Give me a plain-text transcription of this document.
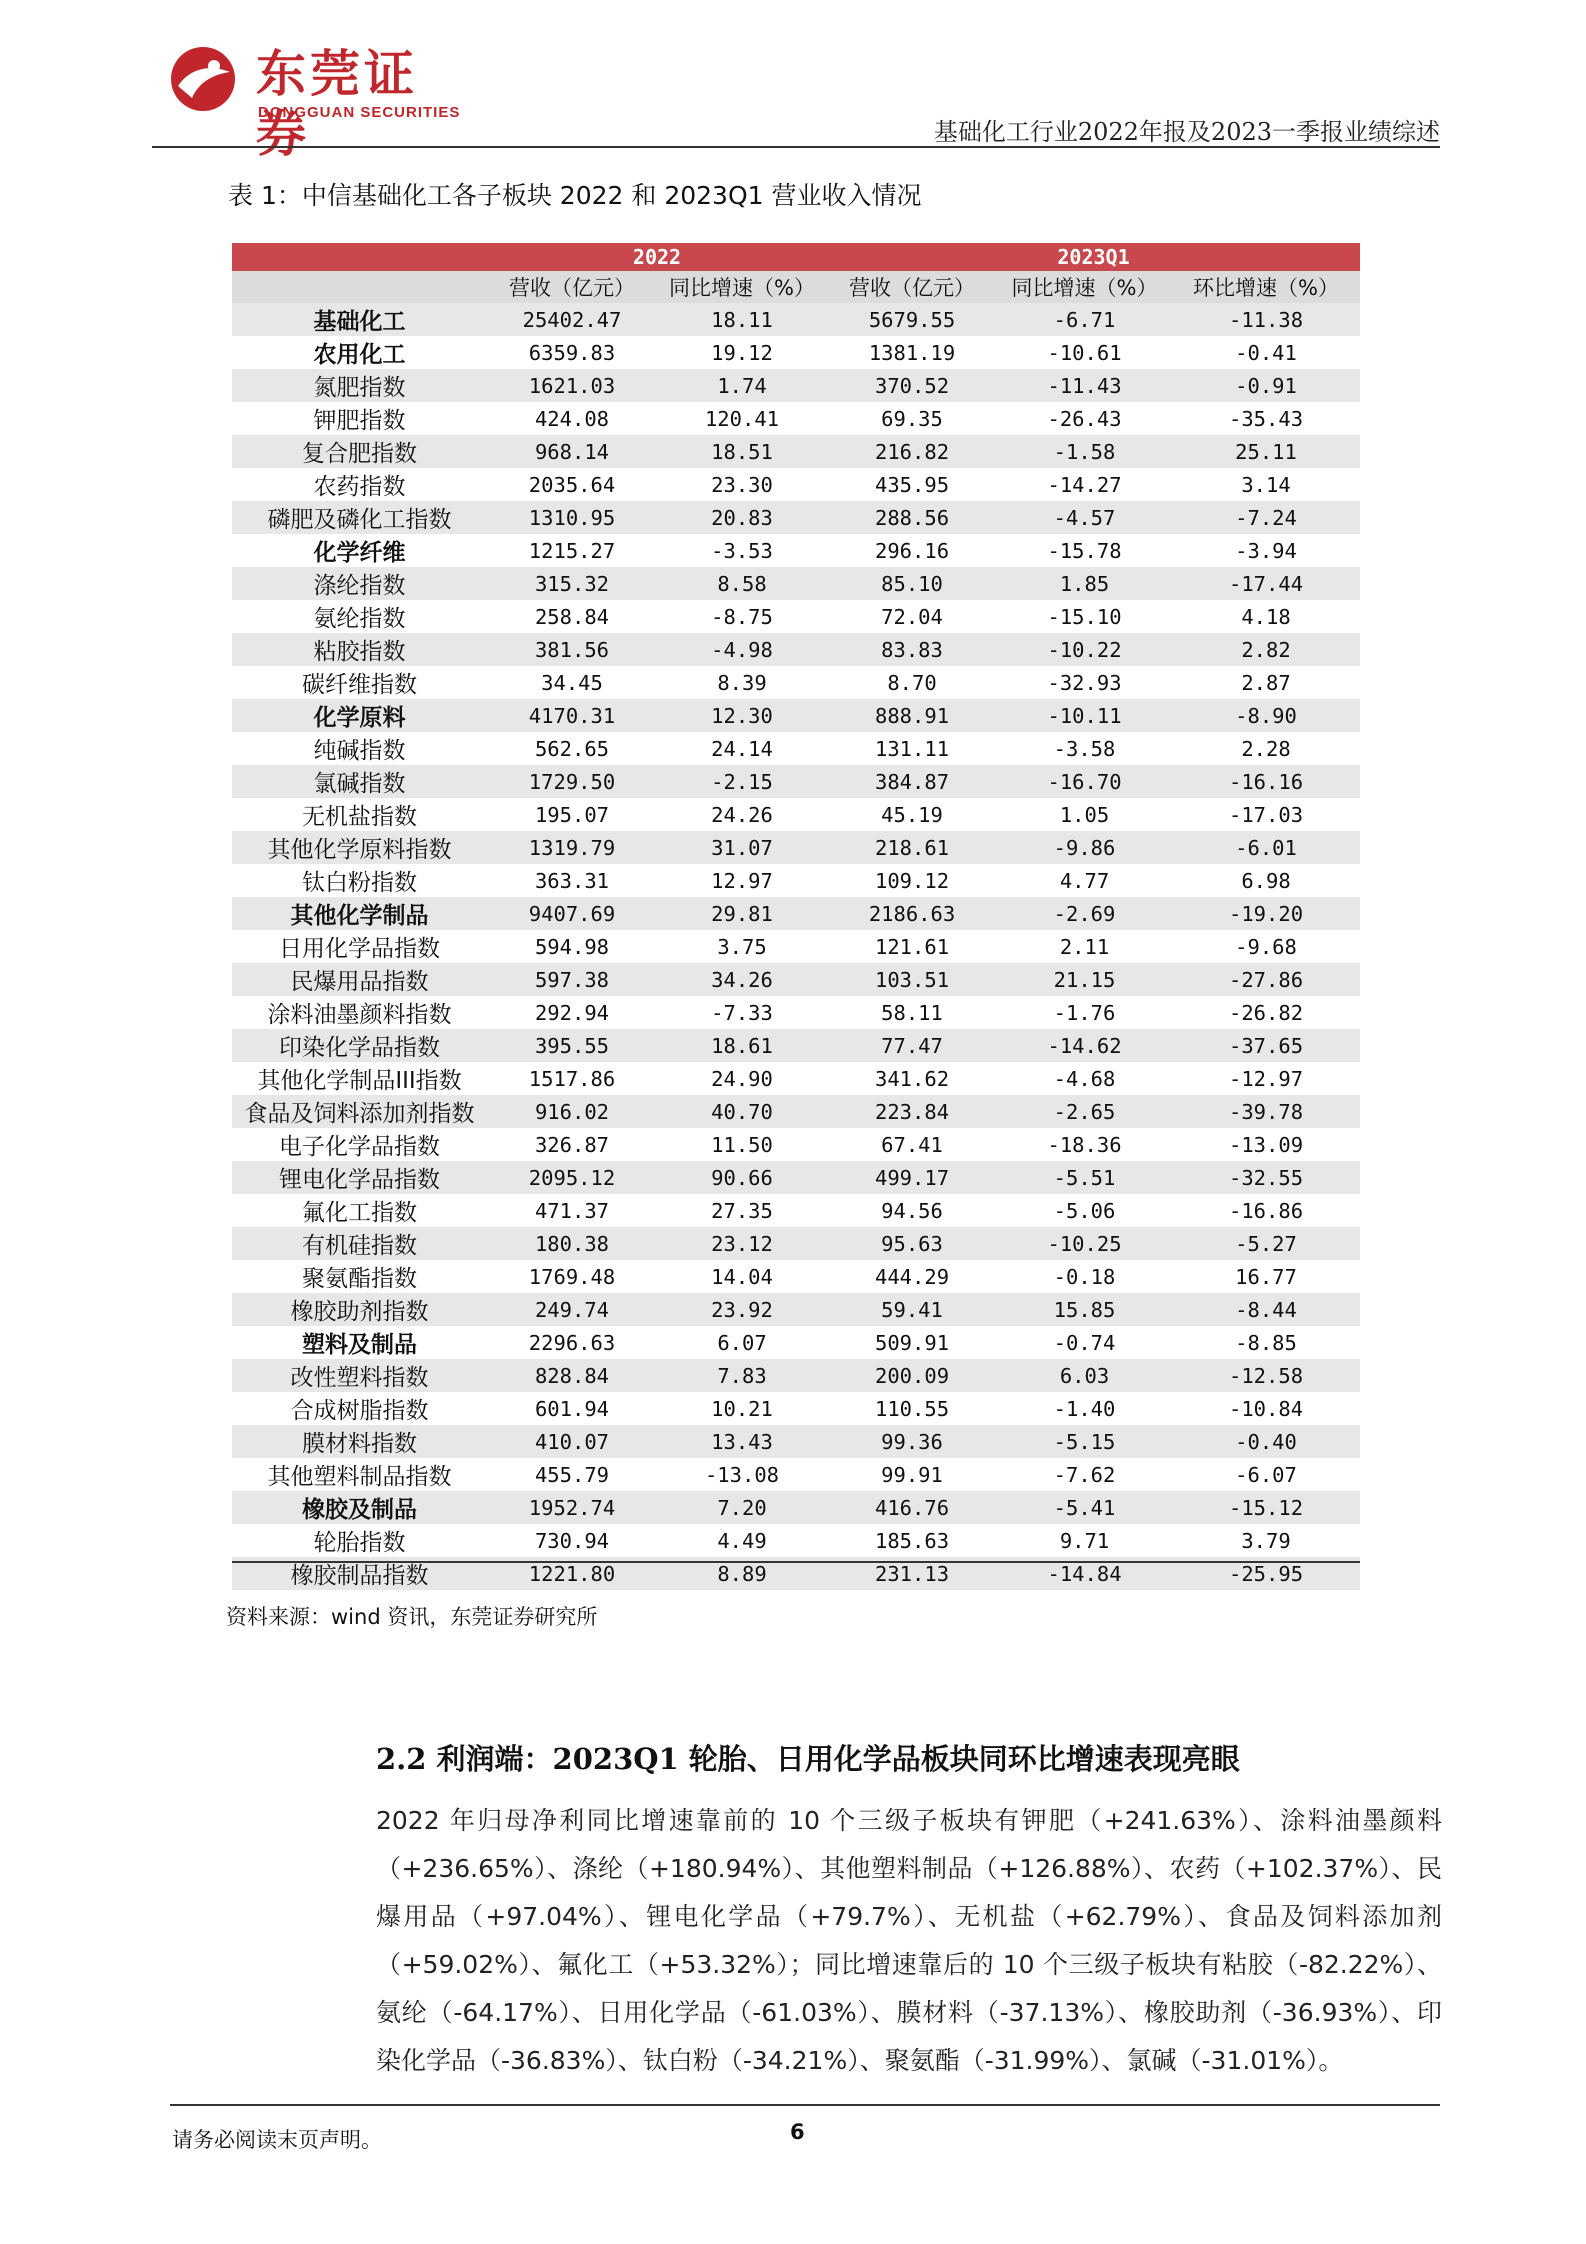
东莞证券
DONGGUAN SECURITIES
基础化工行业2022年报及2023一季报业绩综述
表 1：中信基础化工各子板块 2022 和 2023Q1 营业收入情况
	2022		2023Q1		
	营收（亿元）	同比增速（%）	营收（亿元）	同比增速（%）	环比增速（%）
基础化工	25402.47	18.11	5679.55	-6.71	-11.38
农用化工	6359.83	19.12	1381.19	-10.61	-0.41
氮肥指数	1621.03	1.74	370.52	-11.43	-0.91
钾肥指数	424.08	120.41	69.35	-26.43	-35.43
复合肥指数	968.14	18.51	216.82	-1.58	25.11
农药指数	2035.64	23.30	435.95	-14.27	3.14
磷肥及磷化工指数	1310.95	20.83	288.56	-4.57	-7.24
化学纤维	1215.27	-3.53	296.16	-15.78	-3.94
涤纶指数	315.32	8.58	85.10	1.85	-17.44
氨纶指数	258.84	-8.75	72.04	-15.10	4.18
粘胶指数	381.56	-4.98	83.83	-10.22	2.82
碳纤维指数	34.45	8.39	8.70	-32.93	2.87
化学原料	4170.31	12.30	888.91	-10.11	-8.90
纯碱指数	562.65	24.14	131.11	-3.58	2.28
氯碱指数	1729.50	-2.15	384.87	-16.70	-16.16
无机盐指数	195.07	24.26	45.19	1.05	-17.03
其他化学原料指数	1319.79	31.07	218.61	-9.86	-6.01
钛白粉指数	363.31	12.97	109.12	4.77	6.98
其他化学制品	9407.69	29.81	2186.63	-2.69	-19.20
日用化学品指数	594.98	3.75	121.61	2.11	-9.68
民爆用品指数	597.38	34.26	103.51	21.15	-27.86
涂料油墨颜料指数	292.94	-7.33	58.11	-1.76	-26.82
印染化学品指数	395.55	18.61	77.47	-14.62	-37.65
其他化学制品III指数	1517.86	24.90	341.62	-4.68	-12.97
食品及饲料添加剂指数	916.02	40.70	223.84	-2.65	-39.78
电子化学品指数	326.87	11.50	67.41	-18.36	-13.09
锂电化学品指数	2095.12	90.66	499.17	-5.51	-32.55
氟化工指数	471.37	27.35	94.56	-5.06	-16.86
有机硅指数	180.38	23.12	95.63	-10.25	-5.27
聚氨酯指数	1769.48	14.04	444.29	-0.18	16.77
橡胶助剂指数	249.74	23.92	59.41	15.85	-8.44
塑料及制品	2296.63	6.07	509.91	-0.74	-8.85
改性塑料指数	828.84	7.83	200.09	6.03	-12.58
合成树脂指数	601.94	10.21	110.55	-1.40	-10.84
膜材料指数	410.07	13.43	99.36	-5.15	-0.40
其他塑料制品指数	455.79	-13.08	99.91	-7.62	-6.07
橡胶及制品	1952.74	7.20	416.76	-5.41	-15.12
轮胎指数	730.94	4.49	185.63	9.71	3.79
橡胶制品指数	1221.80	8.89	231.13	-14.84	-25.95
资料来源：wind 资讯，东莞证券研究所
2.2 利润端：2023Q1 轮胎、日用化学品板块同环比增速表现亮眼
2022 年归母净利同比增速靠前的 10 个三级子板块有钾肥（+241.63%）、涂料油墨颜料（+236.65%）、涤纶（+180.94%）、其他塑料制品（+126.88%）、农药（+102.37%）、民爆用品（+97.04%）、锂电化学品（+79.7%）、无机盐（+62.79%）、食品及饲料添加剂（+59.02%）、氟化工（+53.32%）；同比增速靠后的 10 个三级子板块有粘胶（-82.22%）、氨纶（-64.17%）、日用化学品（-61.03%）、膜材料（-37.13%）、橡胶助剂（-36.93%）、印染化学品（-36.83%）、钛白粉（-34.21%）、聚氨酯（-31.99%）、氯碱（-31.01%）。
请务必阅读末页声明。	6
